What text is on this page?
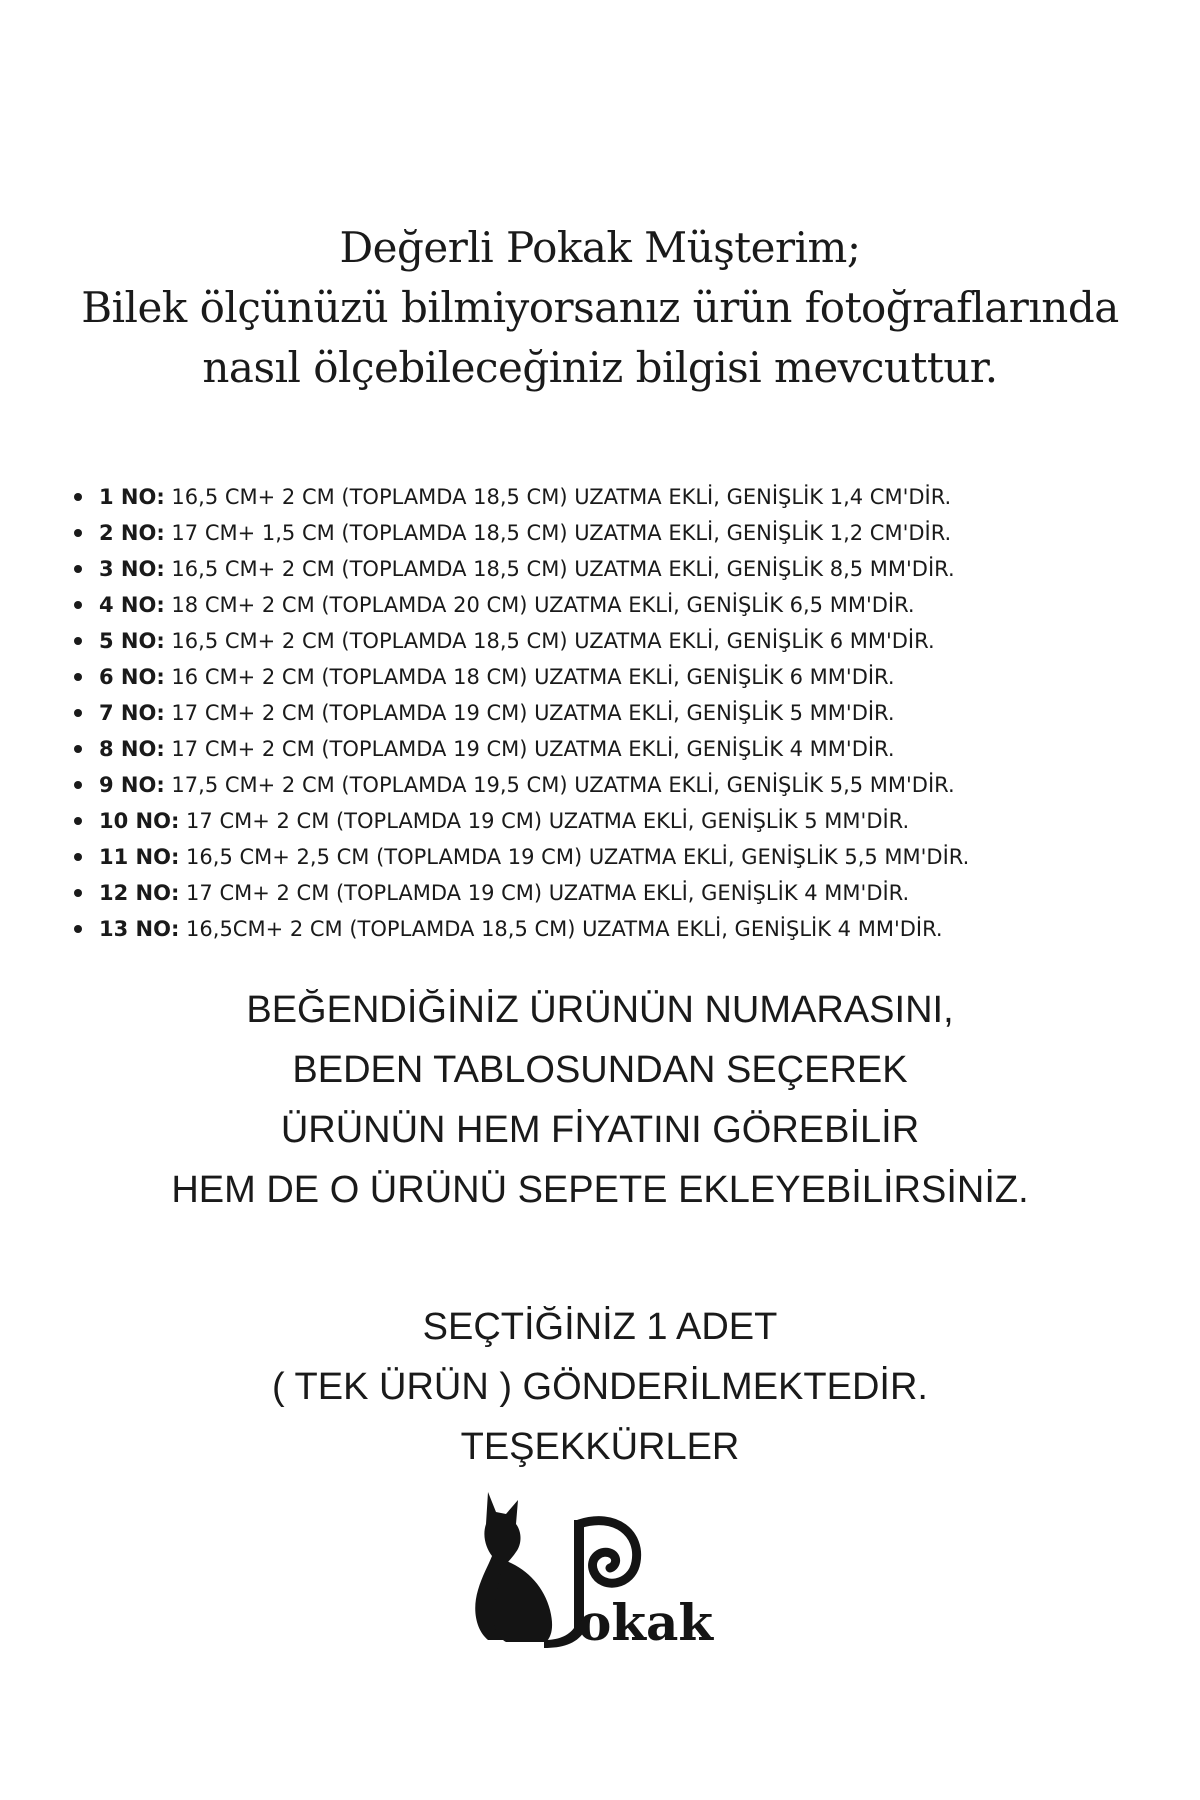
Değerli Pokak Müşterim;
Bilek ölçünüzü bilmiyorsanız ürün fotoğraflarında
nasıl ölçebileceğiniz bilgisi mevcuttur.
1 NO: 16,5 CM+ 2 CM (TOPLAMDA 18,5 CM) UZATMA EKLİ, GENİŞLİK 1,4 CM'DİR.
2 NO: 17 CM+ 1,5 CM (TOPLAMDA 18,5 CM) UZATMA EKLİ, GENİŞLİK 1,2 CM'DİR.
3 NO: 16,5 CM+ 2 CM (TOPLAMDA 18,5 CM) UZATMA EKLİ, GENİŞLİK 8,5 MM'DİR.
4 NO: 18 CM+ 2 CM (TOPLAMDA 20 CM) UZATMA EKLİ, GENİŞLİK 6,5 MM'DİR.
5 NO: 16,5 CM+ 2 CM (TOPLAMDA 18,5 CM) UZATMA EKLİ, GENİŞLİK 6 MM'DİR.
6 NO: 16 CM+ 2 CM (TOPLAMDA 18 CM) UZATMA EKLİ, GENİŞLİK 6 MM'DİR.
7 NO: 17 CM+ 2 CM (TOPLAMDA 19 CM) UZATMA EKLİ, GENİŞLİK 5 MM'DİR.
8 NO: 17 CM+ 2 CM (TOPLAMDA 19 CM) UZATMA EKLİ, GENİŞLİK 4 MM'DİR.
9 NO: 17,5 CM+ 2 CM (TOPLAMDA 19,5 CM) UZATMA EKLİ, GENİŞLİK 5,5 MM'DİR.
10 NO: 17 CM+ 2 CM (TOPLAMDA 19 CM) UZATMA EKLİ, GENİŞLİK 5 MM'DİR.
11 NO: 16,5 CM+ 2,5 CM (TOPLAMDA 19 CM) UZATMA EKLİ, GENİŞLİK 5,5 MM'DİR.
12 NO: 17 CM+ 2 CM (TOPLAMDA 19 CM) UZATMA EKLİ, GENİŞLİK 4 MM'DİR.
13 NO: 16,5CM+ 2 CM (TOPLAMDA 18,5 CM) UZATMA EKLİ, GENİŞLİK 4 MM'DİR.
BEĞENDİĞİNİZ ÜRÜNÜN NUMARASINI,
BEDEN TABLOSUNDAN SEÇEREK
ÜRÜNÜN HEM FİYATINI GÖREBİLİR
HEM DE O ÜRÜNÜ SEPETE EKLEYEBİLİRSİNİZ.
SEÇTİĞİNİZ 1 ADET
( TEK ÜRÜN ) GÖNDERİLMEKTEDİR.
TEŞEKKÜRLER
okak
